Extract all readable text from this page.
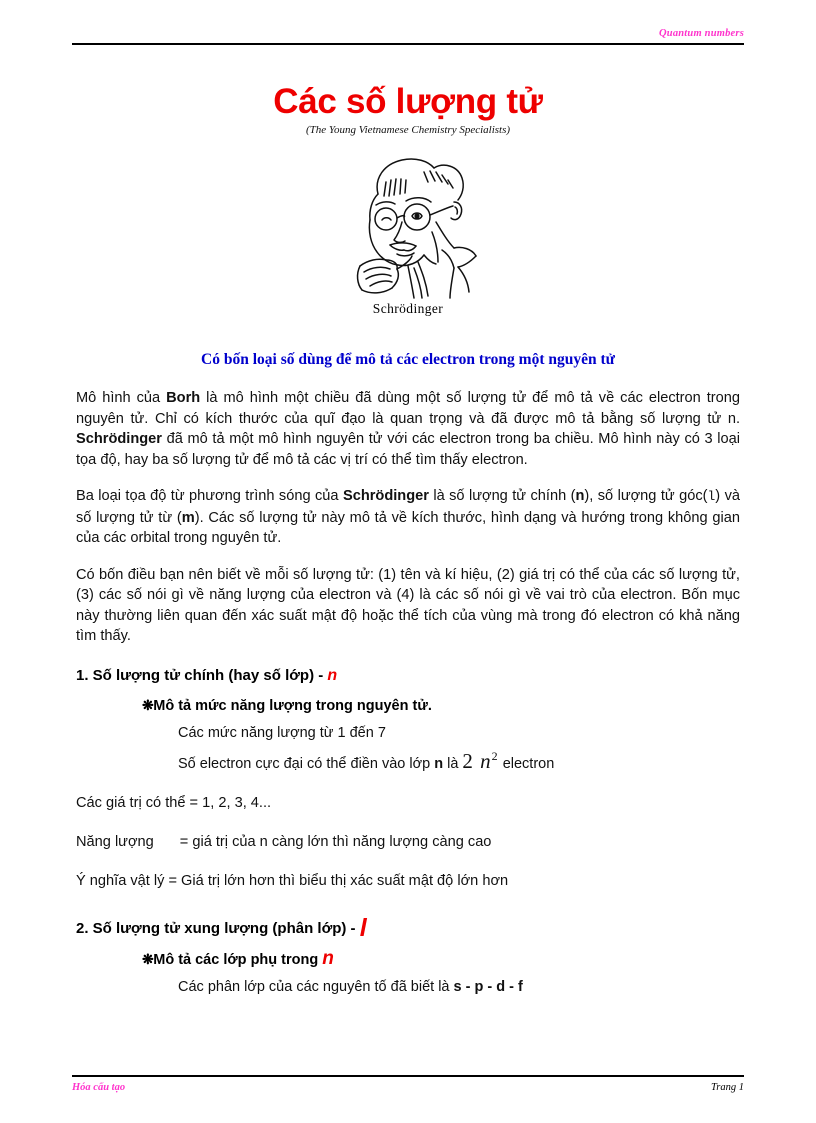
Quantum numbers
Các số lượng tử
(The Young Vietnamese Chemistry Specialists)
Schrödinger
Có bốn loại số dùng để mô tả các electron trong một nguyên tử

Mô hình của Borh là mô hình một chiều đã dùng một số lượng tử để mô tả về các electron trong nguyên tử. Chỉ có kích thước của quĩ đạo là quan trọng và đã được mô tả bằng số lượng tử n. Schrödinger đã mô tả một mô hình nguyên tử với các electron trong ba chiều. Mô hình này có 3 loại tọa độ, hay ba số lượng tử để mô tả các vị trí có thể tìm thấy electron.

Ba loại tọa độ từ phương trình sóng của Schrödinger là số lượng tử chính (n), số lượng tử góc(l) và số lượng tử từ (m). Các số lượng tử này mô tả về kích thước, hình dạng và hướng trong không gian của các orbital trong nguyên tử.

Có bốn điều bạn nên biết về mỗi số lượng tử: (1) tên và kí hiệu, (2) giá trị có thể của các số lượng tử, (3) các số nói gì về năng lượng của electron và (4) là các số nói gì về vai trò của electron. Bốn mục này thường liên quan đến xác suất mật độ hoặc thể tích của vùng mà trong đó electron có khả năng tìm thấy.

1. Số lượng tử chính (hay số lớp) - n
❋Mô tả mức năng lượng trong nguyên tử.
Các mức năng lượng từ 1 đến 7
Số electron cực đại có thể điền vào lớp n là 2 $n^2$ electron
Các giá trị có thể = 1, 2, 3, 4...
Năng lượng = giá trị của n càng lớn thì năng lượng càng cao
Ý nghĩa vật lý = Giá trị lớn hơn thì biểu thị xác suất mật độ lớn hơn
2. Số lượng tử xung lượng (phân lớp) - l
❋Mô tả các lớp phụ trong n
Các phân lớp của các nguyên tố đã biết là s - p - d - f
Hóa cấu tạo	Trang 1
